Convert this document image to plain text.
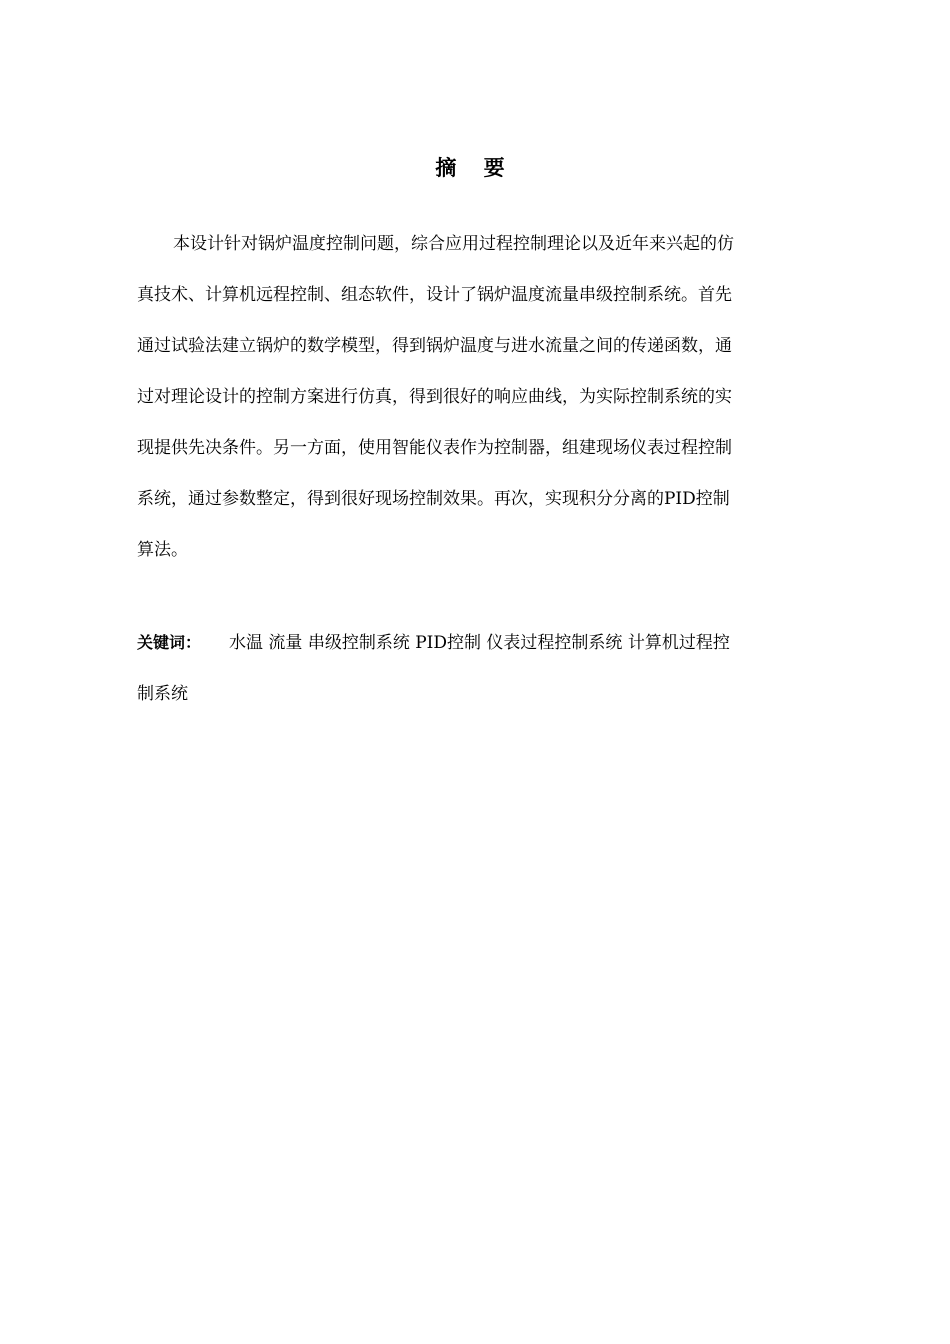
摘 要
本设计针对锅炉温度控制问题，综合应用过程控制理论以及近年来兴起的仿
真技术、计算机远程控制、组态软件，设计了锅炉温度流量串级控制系统。首先
通过试验法建立锅炉的数学模型，得到锅炉温度与进水流量之间的传递函数，通
过对理论设计的控制方案进行仿真，得到很好的响应曲线，为实际控制系统的实
现提供先决条件。另一方面，使用智能仪表作为控制器，组建现场仪表过程控制
系统，通过参数整定，得到很好现场控制效果。再次，实现积分分离的PID控制
算法。
关键词： 水温 流量 串级控制系统 PID控制 仪表过程控制系统 计算机过程控
制系统
